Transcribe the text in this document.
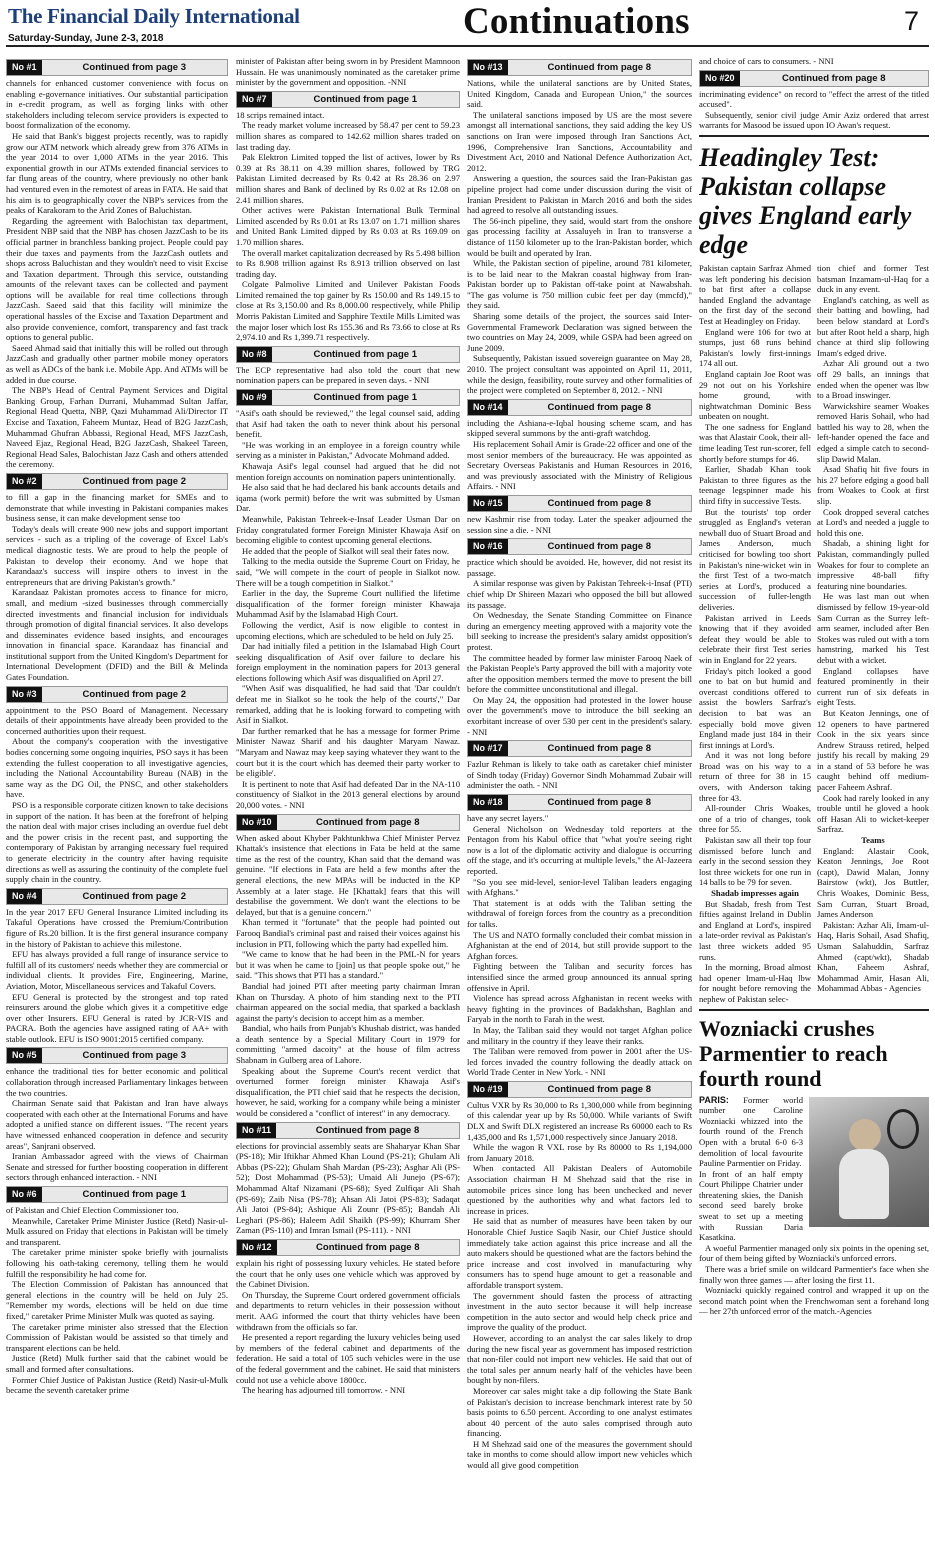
The Financial Daily International
Saturday-Sunday, June 2-3, 2018	Continuations	7
No #1	Continued from page 3

channels for enhanced customer convenience with focus on enabling e-governance initiatives. Our substantial participation in e-credit program, as well as forging links with other stakeholders including telecom service providers is expected to boost formalization of the economy.

He said that Bank's biggest projects recently, was to rapidly grow our ATM network which already grew from 376 ATMs in the year 2014 to over 1,000 ATMs in the year 2016. This exponential growth in our ATMs extended financial services to far flung areas of the country, where previously no other bank had ventured even in the remotest of areas in FATA. He said that his aim is to geographically cover the NBP's services from the peaks of Karakoram to the Arid Zones of Baluchistan.

Regarding the agreement with Balochistan tax department, President NBP said that the NBP has chosen JazzCash to be its official partner in branchless banking project. People could pay their due taxes and payments from the JazzCash outlets and shops across Baluchistan and they wouldn't need to visit Excise and Taxation department. Through this service, outstanding amounts of the relevant taxes can be collected and payment options will be available for real time collections through JazzCash. Saeed said that this facility will minimize the operational hassles of the Excise and Taxation Department and also provide convenience, comfort, transparency and fast track options to general public.

Saeed Ahmad said that initially this will be rolled out through JazzCash and gradually other partner mobile money operators as well as ADCs of the bank i.e. Mobile App. And ATMs will be added in due course.

The NBP's Head of Central Payment Services and Digital Banking Group, Farhan Durrani, Muhammad Sultan Jaffar, Regional Head Quetta, NBP, Qazi Muhammad Ali/Director IT Excise and Taxation, Faheem Muntaz, Head of B2G JazzCash, Muhammad Ghufran Abbassi, Regional Head, MFS JazzCash, Naveed Ejaz, Regional Head, B2G JazzCash, Shakeel Tareen, Regional Head Sales, Balochistan Jazz Cash and others attended the ceremony.

No #2	Continued from page 2

to fill a gap in the financing market for SMEs and to demonstrate that while investing in Pakistani companies makes business sense, it can make development sense too

Today's deals will create 900 new jobs and support important services - such as a tripling of the coverage of Excel Lab's medical diagnostic tests. We are proud to help the people of Pakistan to develop their economy. And we hope that Karandaaz's success will inspire others to invest in the entrepreneurs that are driving Pakistan's growth."

Karandaaz Pakistan promotes access to finance for micro, small, and medium -sized businesses through commercially directed investments and financial inclusion for individuals through promotion of digital financial services. It also develops and disseminates evidence based insights, and encourages innovation in financial space. Karandaaz has financial and institutional support from the United Kingdom's Department for International Development (DFID) and the Bill & Melinda Gates Foundation.

No #3	Continued from page 2

appointment to the PSO Board of Management. Necessary details of their appointments have already been provided to the concerned authorities upon their request.

About the company's cooperation with the investigative bodies concerning some ongoing inquiries, PSO says it has been extending the fullest cooperation to all investigative agencies, including the National Accountability Bureau (NAB) in the same way as the DG Oil, the PNSC, and other stakeholders have.

PSO is a responsible corporate citizen known to take decisions in support of the nation. It has been at the forefront of helping the nation deal with major crises including an overdue fuel debt and the power crisis in the recent past, and supporting the contemporary of Pakistan by arranging necessary fuel required to generate electricity in the country after having requisite directions as well as assuring the continuity of the complete fuel supply chain in the country.

No #4	Continued from page 2

In the year 2017 EFU General Insurance Limited including its Takaful Operations have crossed the Premium/Contribution figure of Rs.20 billion. It is the first general insurance company in the history of Pakistan to achieve this milestone.

EFU has always provided a full range of insurance service to fulfill all of its customers' needs whether they are commercial or individual clients. It provides Fire, Engineering, Marine, Aviation, Motor, Miscellaneous services and Takaful Covers.

EFU General is protected by the strongest and top rated reinsurers around the globe which gives it a competitive edge over other Insurers. EFU General is rated by JCR-VIS and PACRA. Both the agencies have assigned rating of AA+ with stable outlook. EFU is ISO 9001:2015 certified company.

No #5	Continued from page 3

enhance the traditional ties for better economic and political collaboration through increased Parliamentary linkages between the two countries.

Chairman Senate said that Pakistan and Iran have always cooperated with each other at the International Forums and have adopted a unified stance on different issues. "The recent years have witnessed enhanced cooperation in defence and security areas", Sanjrani observed.

Iranian Ambassador agreed with the views of Chairman Senate and stressed for further boosting cooperation in different sectors through enhanced interaction. - NNI

No #6	Continued from page 1

of Pakistan and Chief Election Commissioner too.

Meanwhile, Caretaker Prime Minister Justice (Retd) Nasir-ul-Mulk assured on Friday that elections in Pakistan will be timely and transparent.

The caretaker prime minister spoke briefly with journalists following his oath-taking ceremony, telling them he would fulfill the responsibility he had come for.

The Election Commission of Pakistan has announced that general elections in the country will be held on July 25. "Remember my words, elections will be held on due time fixed," caretaker Prime Minister Mulk was quoted as saying.

The caretaker prime minister also stressed that the Election Commission of Pakistan would be assisted so that timely and transparent elections can be held.

Justice (Retd) Mulk further said that the cabinet would be small and formed after consultations.

Former Chief Justice of Pakistan Justice (Retd) Nasir-ul-Mulk became the seventh caretaker prime

minister of Pakistan after being sworn in by President Mamnoon Hussain. He was unanimously nominated as the caretaker prime minister by the government and opposition. -NNI

No #7	Continued from page 1

18 scrips remained intact.

The ready market volume increased by 58.47 per cent to 59.23 million shares as compared to 142.62 million shares traded on last trading day.

Pak Elektron Limited topped the list of actives, lower by Rs 0.39 at Rs 38.11 on 4.39 million shares, followed by TRG Pakistan Limited decreased by Rs 0.42 at Rs 28.36 on 2.97 million shares and Bank of declined by Rs 0.02 at Rs 12.08 on 2.41 million shares.

Other actives were Pakistan International Bulk Terminal Limited ascended by Rs 0.01 at Rs 13.07 on 1.71 million shares and United Bank Limited dipped by Rs 0.03 at Rs 169.09 on 1.70 million shares.

The overall market capitalization decreased by Rs 5.498 billion to Rs 8.908 trillion against Rs 8.913 trillion observed on last trading day.

Colgate Palmolive Limited and Unilever Pakistan Foods Limited remained the top gainer by Rs 150.00 and Rs 149.15 to close at Rs 3,150.00 and Rs 8,000.00 respectively, while Philip Morris Pakistan Limited and Sapphire Textile Mills Limited was the major loser which lost Rs 155.36 and Rs 73.66 to close at Rs 2,974.10 and Rs 1,399.71 respectively.

No #8	Continued from page 1

The ECP representative had also told the court that new nomination papers can be prepared in seven days. - NNI

No #9	Continued from page 1

"Asif's oath should be reviewed," the legal counsel said, adding that Asif had taken the oath to never think about his personal benefit.

"He was working in an employee in a foreign country while serving as a minister in Pakistan," Advocate Mohmand added.

Khawaja Asif's legal counsel had argued that he did not mention foreign accounts on nomination papers unintentionally.

He also said that he had declared his bank accounts details and iqama (work permit) before the writ was submitted by Usman Dar.

Meanwhile, Pakistan Tehreek-e-Insaf Leader Usman Dar on Friday congratulated former Foreign Minister Khawaja Asif on becoming eligible to contest upcoming general elections.

He added that the people of Sialkot will seal their fates now.

Talking to the media outside the Supreme Court on Friday, he said, "We will compete in the court of people in Sialkot now. There will be a tough competition in Sialkot."

Earlier in the day, the Supreme Court nullified the lifetime disqualification of the former foreign minister Khawaja Muhammad Asif by the Islamabad High Court.

Following the verdict, Asif is now eligible to contest in upcoming elections, which are scheduled to be held on July 25.

Dar had initially filed a petition in the Islamabad High Court seeking disqualification of Asif over failure to declare his foreign employment in the nomination papers for 2013 general elections following which Asif was disqualified on April 27.

"When Asif was disqualified, he had said that 'Dar couldn't defeat me in Sialkot so he took the help of the courts'," Dar remarked, adding that he is looking forward to competing with Asif in Sialkot.

Dar further remarked that he has a message for former Prime Minister Nawaz Sharif and his daughter Maryam Nawaz. "Maryam and Nawaz may keep saying whatever they want to the court but it is the court which has deemed their party worker to be eligible'.

It is pertinent to note that Asif had defeated Dar in the NA-110 constituency of Sialkot in the 2013 general elections by around 20,000 votes. - NNI

No #10	Continued from page 8

When asked about Khyber Pakhtunkhwa Chief Minister Pervez Khattak's insistence that elections in Fata be held at the same time as the rest of the country, Khan said that the demand was genuine. "If elections in Fata are held a few months after the general elections, the new MPAs will be inducted in the KP Assembly at a later stage. He [Khattak] fears that this will destabilise the government. We don't want the elections to be delayed, but that is a genuine concern."

Khan termed it "fortunate" that the people had pointed out Farooq Bandial's criminal past and raised their voices against his inclusion in PTI, following which the party had expelled him.

"We came to know that he had been in the PML-N for years but it was when he came to [join] us that people spoke out," he said. "This shows that PTI has a standard."

Bandial had joined PTI after meeting party chairman Imran Khan on Thursday. A photo of him standing next to the PTI chairman appeared on the social media, that sparked a backlash against the party's decision to accept him as a member.

Bandial, who hails from Punjab's Khushab district, was handed a death sentence by a Special Military Court in 1979 for committing "armed dacoity" at the house of film actress Shabnam in Gulberg area of Lahore.

Speaking about the Supreme Court's recent verdict that overturned former foreign minister Khawaja Asif's disqualification, the PTI chief said that he respects the decision, however, he said, working for a company while being a minister would be considered a "conflict of interest" in any democracy.

No #11	Continued from page 8

elections for provincial assembly seats are Shaharyar Khan Shar (PS-18); Mir Iftikhar Ahmed Khan Lound (PS-21); Ghulam Ali Abbas (PS-22); Ghulam Shah Mardan (PS-23); Asghar Ali (PS-52); Dost Mohammad (PS-53); Umaid Ali Junejo (PS-67); Mohammad Altaf Nizamani (PS-68); Syed Zulfiqar Ali Shah (PS-69); Zaib Nisa (PS-78); Ahsan Ali Jatoi (PS-83); Sadaqat Ali Jatoi (PS-84); Ashique Ali Zounr (PS-85); Bandah Ali Leghari (PS-86); Haleem Adil Shaikh (PS-99); Khurram Sher Zaman (PS-110) and Imran Ismail (PS-111). - NNI

No #12	Continued from page 8

explain his right of possessing luxury vehicles. He stated before the court that he only uses one vehicle which was approved by the Cabinet Division.

On Thursday, the Supreme Court ordered government officials and departments to return vehicles in their possession without merit. AAG informed the court that thirty vehicles have been withdrawn from the officials so far.

He presented a report regarding the luxury vehicles being used by members of the federal cabinet and departments of the federation. He said a total of 105 such vehicles were in the use of the federal government and the cabinet. He said that ministers could not use a vehicle above 1800cc.

The hearing has adjourned till tomorrow. - NNI

No #13	Continued from page 8

Nations, while the unilateral sanctions are by United States, United Kingdom, Canada and European Union," the sources said.

The unilateral sanctions imposed by US are the most severe amongst all international sanctions, they said adding the key US sanctions on Iran were imposed through Iran Sanctions Act, 1996, Comprehensive Iran Sanctions, Accountability and Divestment Act, 2010 and National Defence Authorization Act, 2012.

Answering a question, the sources said the Iran-Pakistan gas pipeline project had come under discussion during the visit of Iranian President to Pakistan in March 2016 and both the sides had agreed to resolve all outstanding issues.

The 56-inch pipeline, they said, would start from the onshore gas processing facility at Assaluyeh in Iran to transverse a distance of 1150 kilometer up to the Iran-Pakistan border, which would be built and operated by Iran.

While, the Pakistan section of pipeline, around 781 kilometer, is to be laid near to the Makran coastal highway from Iran-Pakistan border up to Pakistan off-take point at Nawabshah. "The gas volume is 750 million cubic feet per day (mmcfd)," they said.

Sharing some details of the project, the sources said Inter-Governmental Framework Declaration was signed between the two countries on May 24, 2009, while GSPA had been agreed on June 2009.

Subsequently, Pakistan issued sovereign guarantee on May 28, 2010. The project consultant was appointed on April 11, 2011, while the design, feasibility, route survey and other formalities of the project were completed on September 8, 2012. - NNI

No #14	Continued from page 8

including the Ashiana-e-Iqbal housing scheme scam, and has skipped several summons by the anti-graft watchdog.

His replacement Sohail Amir is Grade-22 officer and one of the most senior members of the bureaucracy. He was appointed as Secretary Overseas Pakistanis and Human Resources in 2016, and was previously associated with the Ministry of Religious Affairs. - NNI

No #15	Continued from page 8

new Kashmir rise from today. Later the speaker adjourned the session sine a die. - NNI

No #16	Continued from page 8

practice which should be avoided. He, however, did not resist its passage.

A similar response was given by Pakistan Tehreek-i-Insaf (PTI) chief whip Dr Shireen Mazari who opposed the bill but allowed its passage.

On Wednesday, the Senate Standing Committee on Finance during an emergency meeting approved with a majority vote the bill seeking to increase the president's salary amidst opposition's protest.

The committee headed by former law minister Farooq Naek of the Pakistan People's Party approved the bill with a majority vote after the opposition members termed the move to present the bill before the committee unconstitutional and illegal.

On May 24, the opposition had protested in the lower house over the government's move to introduce the bill seeking an exorbitant increase of over 530 per cent in the president's salary. - NNI

No #17	Continued from page 8

Fazlur Rehman is likely to take oath as caretaker chief minister of Sindh today (Friday) Governor Sindh Mohammad Zubair will administer the oath. - NNI

No #18	Continued from page 8

have any secret layers."

General Nicholson on Wednesday told reporters at the Pentagon from his Kabul office that "what you're seeing right now is a lot of the diplomatic activity and dialogue is occurring off the stage, and it's occurring at multiple levels," the Al-Jazeera reported.

"So you see mid-level, senior-level Taliban leaders engaging with Afghans."

That statement is at odds with the Taliban setting the withdrawal of foreign forces from the country as a precondition for talks.

The US and NATO formally concluded their combat mission in Afghanistan at the end of 2014, but still provide support to the Afghan forces.

Fighting between the Taliban and security forces has intensified since the armed group announced its annual spring offensive in April.

Violence has spread across Afghanistan in recent weeks with heavy fighting in the provinces of Badakhshan, Baghlan and Faryab in the north to Farah in the west.

In May, the Taliban said they would not target Afghan police and military in the country if they leave their ranks.

The Taliban were removed from power in 2001 after the US-led forces invaded the country following the deadly attack on World Trade Center in New York. - NNI

No #19	Continued from page 8

Cultus VXR by Rs 30,000 to Rs 1,300,000 while from beginning of this calendar year up by Rs 50,000. While variants of Swift DLX and Swift DLX registered an increase Rs 60000 each to Rs 1,435,000 and Rs 1,571,000 respectively since January 2018.

While the wagon R VXL rose by Rs 80000 to Rs 1,194,000 from January 2018.

When contacted All Pakistan Dealers of Automobile Association chairman H M Shehzad said that the rise in automobile prices since long has been unchecked and never questioned by the authorities why and what factors led to increase in prices.

He said that as number of measures have been taken by our Honorable Chief Justice Saqib Nasir, our Chief Justice should immediately take action against this price increase and all the auto makers should be questioned what are the factors behind the price increase and cost involved in manufacturing why consumers has to spend huge amount to get a reasonable and affordable transport system.

The government should fasten the process of attracting investment in the auto sector because it will help increase competition in the auto sector and would help check price and improve the quality of the product.

However, according to an analyst the car sales likely to drop during the new fiscal year as government has imposed restriction that non-filer could not import new vehicles. He said that out of the total sales per annum nearly half of the vehicles have been bought by non-filers.

Moreover car sales might take a dip following the State Bank of Pakistan's decision to increase benchmark interest rate by 50 basis points to 6.50 percent. According to one analyst estimates about 40 percent of the auto sales comprised through auto financing.

H M Shehzad said one of the measures the government should take in months to come should allow import new vehicles which would all give good competition

and choice of cars to consumers. - NNI

No #20	Continued from page 8

incriminating evidence" on record to "effect the arrest of the titled accused".

Subsequently, senior civil judge Amir Aziz ordered that arrest warrants for Masood be issued upon IO Awan's request.

Headingley Test: Pakistan collapse gives England early edge

Pakistan captain Sarfraz Ahmed was left pondering his decision to bat first after a collapse handed England the advantage on the first day of the second Test at Headingley on Friday.

England were 106 for two at stumps, just 68 runs behind Pakistan's lowly first-innings 174 all out.

England captain Joe Root was 29 not out on his Yorkshire home ground, with nightwatchman Dominic Bess unbeaten on nought.

The one sadness for England was that Alastair Cook, their all-time leading Test run-scorer, fell shortly before stumps for 46.

Earlier, Shadab Khan took Pakistan to three figures as the teenage legspinner made his third fifty in successive Tests.

But the tourists' top order struggled as England's veteran newball duo of Stuart Broad and James Anderson, much criticised for bowling too short in Pakistan's nine-wicket win in the first Test of a two-match series at Lord's, produced a succession of fuller-length deliveries.

Pakistan arrived in Leeds knowing that if they avoided defeat they would be able to celebrate their first Test series win in England for 22 years.

Friday's pitch looked a good one to bat on but humid and overcast conditions offered to assist the bowlers Sarfraz's decision to bat was an especially bold move given England made just 184 in their first innings at Lord's.

And it was not long before Broad was on his way to a return of three for 38 in 15 overs, with Anderson taking three for 43.

All-rounder Chris Woakes, one of a trio of changes, took three for 55.

Pakistan saw all their top four dismissed before lunch and early in the second session they lost three wickets for one run in 14 balls to be 79 for seven.

Shadab impresses again

But Shadab, fresh from Test fifties against Ireland in Dublin and England at Lord's, inspired a late-order revival as Pakistan's last three wickets added 95 runs.

In the morning, Broad almost had opener Imam-ul-Haq lbw for nought before removing the nephew of Pakistan selec-

tion chief and former Test batsman Inzamam-ul-Haq for a duck in any event.

England's catching, as well as their batting and bowling, had been below standard at Lord's but after Root held a sharp, high chance at third slip following Imam's edged drive.

Azhar Ali ground out a two off 29 balls, an innings that ended when the opener was lbw to a Broad inswinger.

Warwickshire seamer Woakes removed Haris Sohail, who had battled his way to 28, when the left-hander opened the face and edged a simple catch to second-slip Dawid Malan.

Asad Shafiq hit five fours in his 27 before edging a good ball from Woakes to Cook at first slip.

Cook dropped several catches at Lord's and needed a juggle to hold this one.

Shadab, a shining light for Pakistan, commandingly pulled Woakes for four to complete an impressive 48-ball fifty featuring nine boundaries.

He was last man out when dismissed by fellow 19-year-old Sam Curran as the Surrey left-arm seamer, included after Ben Stokes was ruled out with a torn hamstring, marked his Test debut with a wicket.

England collapses have featured prominently in their current run of six defeats in eight Tests.

But Keaton Jennings, one of 12 openers to have partnered Cook in the six years since Andrew Strauss retired, helped justify his recall by making 29 in a stand of 53 before he was caught behind off medium-pacer Faheem Ashraf.

Cook had rarely looked in any trouble until he gloved a hook off Hasan Ali to wicket-keeper Sarfraz.

Teams

England: Alastair Cook, Keaton Jennings, Joe Root (capt), Dawid Malan, Jonny Bairstow (wkt), Jos Buttler, Chris Woakes, Dominic Bess, Sam Curran, Stuart Broad, James Anderson

Pakistan: Azhar Ali, Imam-ul-Haq, Haris Sohail, Asad Shafiq, Usman Salahuddin, Sarfraz Ahmed (capt/wkt), Shadab Khan, Faheem Ashraf, Mohammad Amir, Hasan Ali, Mohammad Abbas - Agencies

Wozniacki crushes Parmentier to reach fourth round

PARIS: Former world number one Caroline Wozniacki whizzed into the fourth round of the French Open with a brutal 6-0 6-3 demolition of local favourite Pauline Parmentier on Friday.

In front of an half empty Court Philippe Chatrier under threatening skies, the Danish second seed barely broke sweat to set up a meeting with Russian Daria Kasatkina.

A woeful Parmentier managed only six points in the opening set, four of them being gifted by Wozniacki's unforced errors.

There was a brief smile on wildcard Parmentier's face when she finally won three games — after losing the first 11.

Wozniacki quickly regained control and wrapped it up on the second match point when the Frenchwoman sent a forehand long — her 27th unforced error of the match.-Agencies
